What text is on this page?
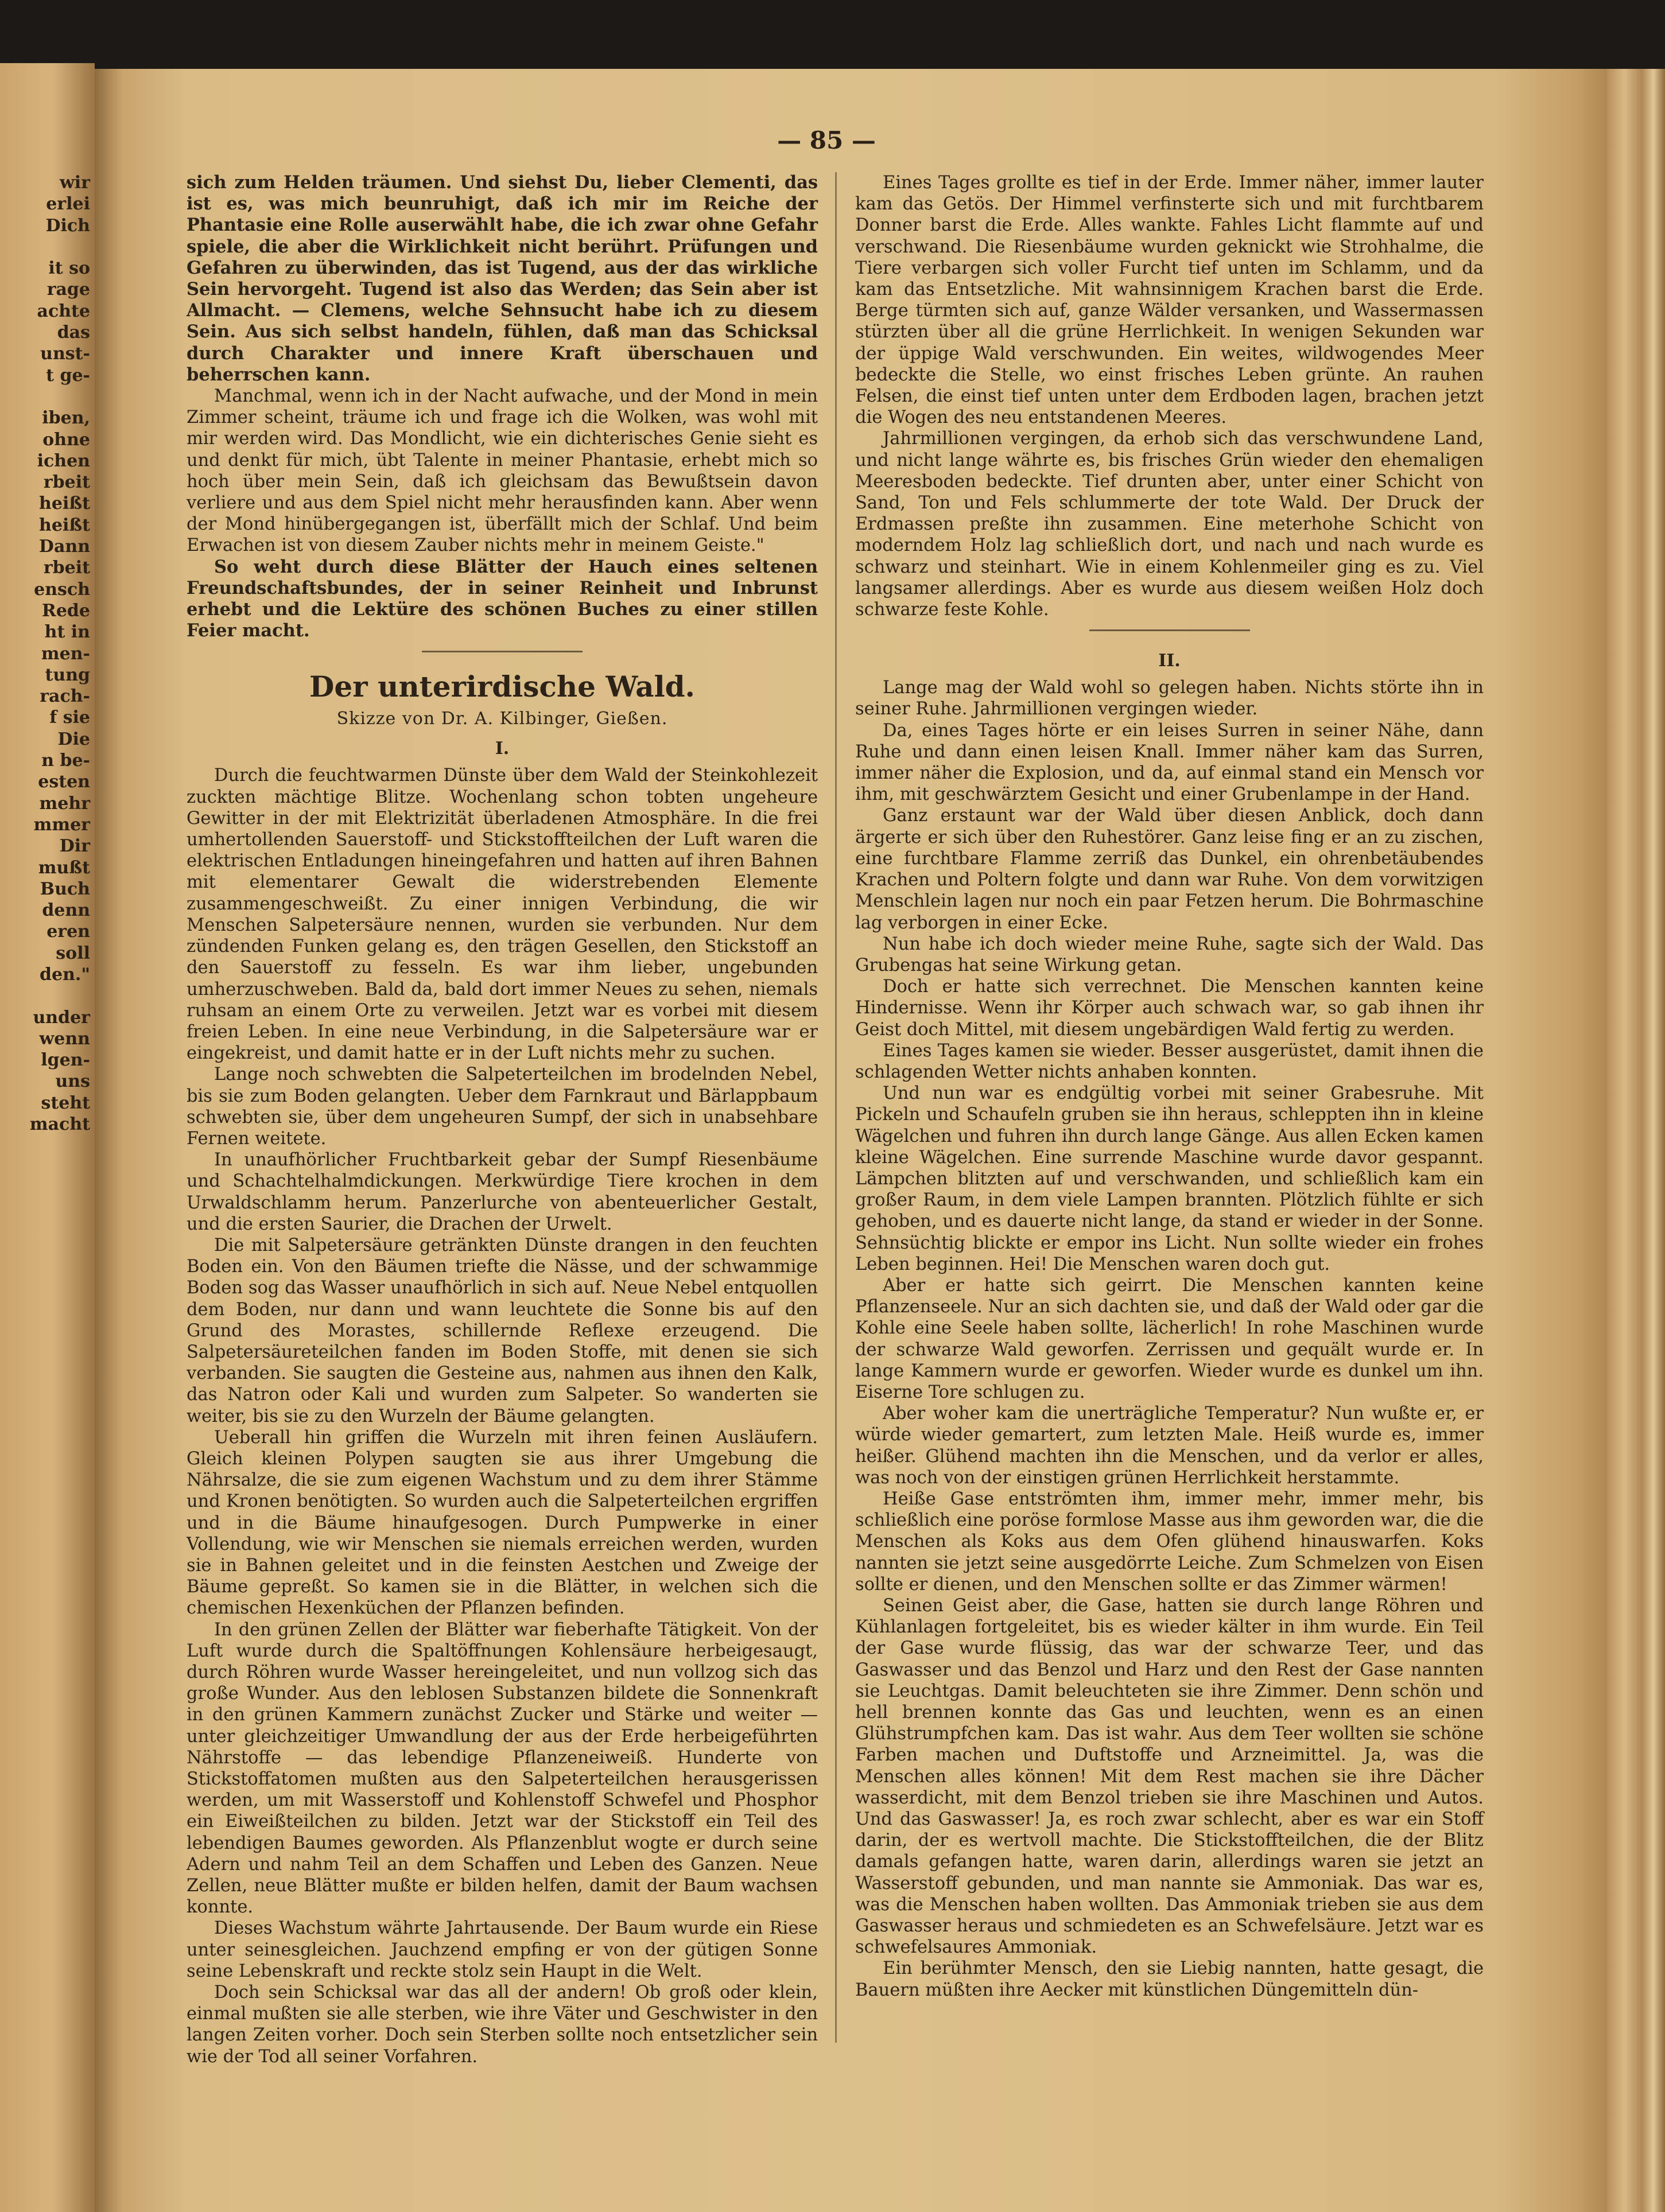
wir
erlei
Dich

it so
rage
achte
das
unst-
t ge-

iben,
ohne
ichen
rbeit
heißt
heißt
Dann
rbeit
ensch
Rede
ht in
men-
tung
rach-
f sie
Die
n be-
esten
mehr
mmer
Dir
mußt
Buch
denn
eren
soll
den."

under
wenn
lgen-
uns
steht
macht
— 85 —

sich zum Helden träumen. Und siehst Du, lieber Clementi, das ist es, was mich beunruhigt, daß ich mir im Reiche der Phantasie eine Rolle auserwählt habe, die ich zwar ohne Gefahr spiele, die aber die Wirklichkeit nicht berührt. Prüfungen und Gefahren zu überwinden, das ist Tugend, aus der das wirkliche Sein hervorgeht. Tugend ist also das Werden; das Sein aber ist Allmacht. — Clemens, welche Sehnsucht habe ich zu diesem Sein. Aus sich selbst handeln, fühlen, daß man das Schicksal durch Charakter und innere Kraft überschauen und beherrschen kann.

Manchmal, wenn ich in der Nacht aufwache, und der Mond in mein Zimmer scheint, träume ich und frage ich die Wolken, was wohl mit mir werden wird. Das Mondlicht, wie ein dichterisches Genie sieht es und denkt für mich, übt Talente in meiner Phantasie, erhebt mich so hoch über mein Sein, daß ich gleichsam das Bewußtsein davon verliere und aus dem Spiel nicht mehr herausfinden kann. Aber wenn der Mond hinübergegangen ist, überfällt mich der Schlaf. Und beim Erwachen ist von diesem Zauber nichts mehr in meinem Geiste."

So weht durch diese Blätter der Hauch eines seltenen Freundschaftsbundes, der in seiner Reinheit und Inbrunst erhebt und die Lektüre des schönen Buches zu einer stillen Feier macht.

Der unterirdische Wald.
Skizze von Dr. A. Kilbinger, Gießen.
I.

Durch die feuchtwarmen Dünste über dem Wald der Steinkohlezeit zuckten mächtige Blitze. Wochenlang schon tobten ungeheure Gewitter in der mit Elektrizität überladenen Atmosphäre. In die frei umhertollenden Sauerstoff- und Stickstoffteilchen der Luft waren die elektrischen Entladungen hineingefahren und hatten auf ihren Bahnen mit elementarer Gewalt die widerstrebenden Elemente zusammengeschweißt. Zu einer innigen Verbindung, die wir Menschen Salpetersäure nennen, wurden sie verbunden. Nur dem zündenden Funken gelang es, den trägen Gesellen, den Stickstoff an den Sauerstoff zu fesseln. Es war ihm lieber, ungebunden umherzuschweben. Bald da, bald dort immer Neues zu sehen, niemals ruhsam an einem Orte zu verweilen. Jetzt war es vorbei mit diesem freien Leben. In eine neue Verbindung, in die Salpetersäure war er eingekreist, und damit hatte er in der Luft nichts mehr zu suchen.

Lange noch schwebten die Salpeterteilchen im brodelnden Nebel, bis sie zum Boden gelangten. Ueber dem Farnkraut und Bärlappbaum schwebten sie, über dem ungeheuren Sumpf, der sich in unabsehbare Fernen weitete.

In unaufhörlicher Fruchtbarkeit gebar der Sumpf Riesenbäume und Schachtelhalmdickungen. Merkwürdige Tiere krochen in dem Urwaldschlamm herum. Panzerlurche von abenteuerlicher Gestalt, und die ersten Saurier, die Drachen der Urwelt.

Die mit Salpetersäure getränkten Dünste drangen in den feuchten Boden ein. Von den Bäumen triefte die Nässe, und der schwammige Boden sog das Wasser unaufhörlich in sich auf. Neue Nebel entquollen dem Boden, nur dann und wann leuchtete die Sonne bis auf den Grund des Morastes, schillernde Reflexe erzeugend. Die Salpetersäureteilchen fanden im Boden Stoffe, mit denen sie sich verbanden. Sie saugten die Gesteine aus, nahmen aus ihnen den Kalk, das Natron oder Kali und wurden zum Salpeter. So wanderten sie weiter, bis sie zu den Wurzeln der Bäume gelangten.

Ueberall hin griffen die Wurzeln mit ihren feinen Ausläufern. Gleich kleinen Polypen saugten sie aus ihrer Umgebung die Nährsalze, die sie zum eigenen Wachstum und zu dem ihrer Stämme und Kronen benötigten. So wurden auch die Salpeterteilchen ergriffen und in die Bäume hinaufgesogen. Durch Pumpwerke in einer Vollendung, wie wir Menschen sie niemals erreichen werden, wurden sie in Bahnen geleitet und in die feinsten Aestchen und Zweige der Bäume gepreßt. So kamen sie in die Blätter, in welchen sich die chemischen Hexenküchen der Pflanzen befinden.

In den grünen Zellen der Blätter war fieberhafte Tätigkeit. Von der Luft wurde durch die Spaltöffnungen Kohlensäure herbeigesaugt, durch Röhren wurde Wasser hereingeleitet, und nun vollzog sich das große Wunder. Aus den leblosen Substanzen bildete die Sonnenkraft in den grünen Kammern zunächst Zucker und Stärke und weiter — unter gleichzeitiger Umwandlung der aus der Erde herbeigeführten Nährstoffe — das lebendige Pflanzeneiweiß. Hunderte von Stickstoffatomen mußten aus den Salpeterteilchen herausgerissen werden, um mit Wasserstoff und Kohlenstoff Schwefel und Phosphor ein Eiweißteilchen zu bilden. Jetzt war der Stickstoff ein Teil des lebendigen Baumes geworden. Als Pflanzenblut wogte er durch seine Adern und nahm Teil an dem Schaffen und Leben des Ganzen. Neue Zellen, neue Blätter mußte er bilden helfen, damit der Baum wachsen konnte.

Dieses Wachstum währte Jahrtausende. Der Baum wurde ein Riese unter seinesgleichen. Jauchzend empfing er von der gütigen Sonne seine Lebenskraft und reckte stolz sein Haupt in die Welt.

Doch sein Schicksal war das all der andern! Ob groß oder klein, einmal mußten sie alle sterben, wie ihre Väter und Geschwister in den langen Zeiten vorher. Doch sein Sterben sollte noch entsetzlicher sein wie der Tod all seiner Vorfahren.

Eines Tages grollte es tief in der Erde. Immer näher, immer lauter kam das Getös. Der Himmel verfinsterte sich und mit furchtbarem Donner barst die Erde. Alles wankte. Fahles Licht flammte auf und verschwand. Die Riesenbäume wurden geknickt wie Strohhalme, die Tiere verbargen sich voller Furcht tief unten im Schlamm, und da kam das Entsetzliche. Mit wahnsinnigem Krachen barst die Erde. Berge türmten sich auf, ganze Wälder versanken, und Wassermassen stürzten über all die grüne Herrlichkeit. In wenigen Sekunden war der üppige Wald verschwunden. Ein weites, wildwogendes Meer bedeckte die Stelle, wo einst frisches Leben grünte. An rauhen Felsen, die einst tief unten unter dem Erdboden lagen, brachen jetzt die Wogen des neu entstandenen Meeres.

Jahrmillionen vergingen, da erhob sich das verschwundene Land, und nicht lange währte es, bis frisches Grün wieder den ehemaligen Meeresboden bedeckte. Tief drunten aber, unter einer Schicht von Sand, Ton und Fels schlummerte der tote Wald. Der Druck der Erdmassen preßte ihn zusammen. Eine meterhohe Schicht von moderndem Holz lag schließlich dort, und nach und nach wurde es schwarz und steinhart. Wie in einem Kohlenmeiler ging es zu. Viel langsamer allerdings. Aber es wurde aus diesem weißen Holz doch schwarze feste Kohle.

II.

Lange mag der Wald wohl so gelegen haben. Nichts störte ihn in seiner Ruhe. Jahrmillionen vergingen wieder.

Da, eines Tages hörte er ein leises Surren in seiner Nähe, dann Ruhe und dann einen leisen Knall. Immer näher kam das Surren, immer näher die Explosion, und da, auf einmal stand ein Mensch vor ihm, mit geschwärztem Gesicht und einer Grubenlampe in der Hand.

Ganz erstaunt war der Wald über diesen Anblick, doch dann ärgerte er sich über den Ruhestörer. Ganz leise fing er an zu zischen, eine furchtbare Flamme zerriß das Dunkel, ein ohrenbetäubendes Krachen und Poltern folgte und dann war Ruhe. Von dem vorwitzigen Menschlein lagen nur noch ein paar Fetzen herum. Die Bohrmaschine lag verborgen in einer Ecke.

Nun habe ich doch wieder meine Ruhe, sagte sich der Wald. Das Grubengas hat seine Wirkung getan.

Doch er hatte sich verrechnet. Die Menschen kannten keine Hindernisse. Wenn ihr Körper auch schwach war, so gab ihnen ihr Geist doch Mittel, mit diesem ungebärdigen Wald fertig zu werden.

Eines Tages kamen sie wieder. Besser ausgerüstet, damit ihnen die schlagenden Wetter nichts anhaben konnten.

Und nun war es endgültig vorbei mit seiner Grabesruhe. Mit Pickeln und Schaufeln gruben sie ihn heraus, schleppten ihn in kleine Wägelchen und fuhren ihn durch lange Gänge. Aus allen Ecken kamen kleine Wägelchen. Eine surrende Maschine wurde davor gespannt. Lämpchen blitzten auf und verschwanden, und schließlich kam ein großer Raum, in dem viele Lampen brannten. Plötzlich fühlte er sich gehoben, und es dauerte nicht lange, da stand er wieder in der Sonne. Sehnsüchtig blickte er empor ins Licht. Nun sollte wieder ein frohes Leben beginnen. Hei! Die Menschen waren doch gut.

Aber er hatte sich geirrt. Die Menschen kannten keine Pflanzenseele. Nur an sich dachten sie, und daß der Wald oder gar die Kohle eine Seele haben sollte, lächerlich! In rohe Maschinen wurde der schwarze Wald geworfen. Zerrissen und gequält wurde er. In lange Kammern wurde er geworfen. Wieder wurde es dunkel um ihn. Eiserne Tore schlugen zu.

Aber woher kam die unerträgliche Temperatur? Nun wußte er, er würde wieder gemartert, zum letzten Male. Heiß wurde es, immer heißer. Glühend machten ihn die Menschen, und da verlor er alles, was noch von der einstigen grünen Herrlichkeit herstammte.

Heiße Gase entströmten ihm, immer mehr, immer mehr, bis schließlich eine poröse formlose Masse aus ihm geworden war, die die Menschen als Koks aus dem Ofen glühend hinauswarfen. Koks nannten sie jetzt seine ausgedörrte Leiche. Zum Schmelzen von Eisen sollte er dienen, und den Menschen sollte er das Zimmer wärmen!

Seinen Geist aber, die Gase, hatten sie durch lange Röhren und Kühlanlagen fortgeleitet, bis es wieder kälter in ihm wurde. Ein Teil der Gase wurde flüssig, das war der schwarze Teer, und das Gaswasser und das Benzol und Harz und den Rest der Gase nannten sie Leuchtgas. Damit beleuchteten sie ihre Zimmer. Denn schön und hell brennen konnte das Gas und leuchten, wenn es an einen Glühstrumpfchen kam. Das ist wahr. Aus dem Teer wollten sie schöne Farben machen und Duftstoffe und Arzneimittel. Ja, was die Menschen alles können! Mit dem Rest machen sie ihre Dächer wasserdicht, mit dem Benzol trieben sie ihre Maschinen und Autos. Und das Gaswasser! Ja, es roch zwar schlecht, aber es war ein Stoff darin, der es wertvoll machte. Die Stickstoffteilchen, die der Blitz damals gefangen hatte, waren darin, allerdings waren sie jetzt an Wasserstoff gebunden, und man nannte sie Ammoniak. Das war es, was die Menschen haben wollten. Das Ammoniak trieben sie aus dem Gaswasser heraus und schmiedeten es an Schwefelsäure. Jetzt war es schwefelsaures Ammoniak.

Ein berühmter Mensch, den sie Liebig nannten, hatte gesagt, die Bauern müßten ihre Aecker mit künstlichen Düngemitteln dün-
